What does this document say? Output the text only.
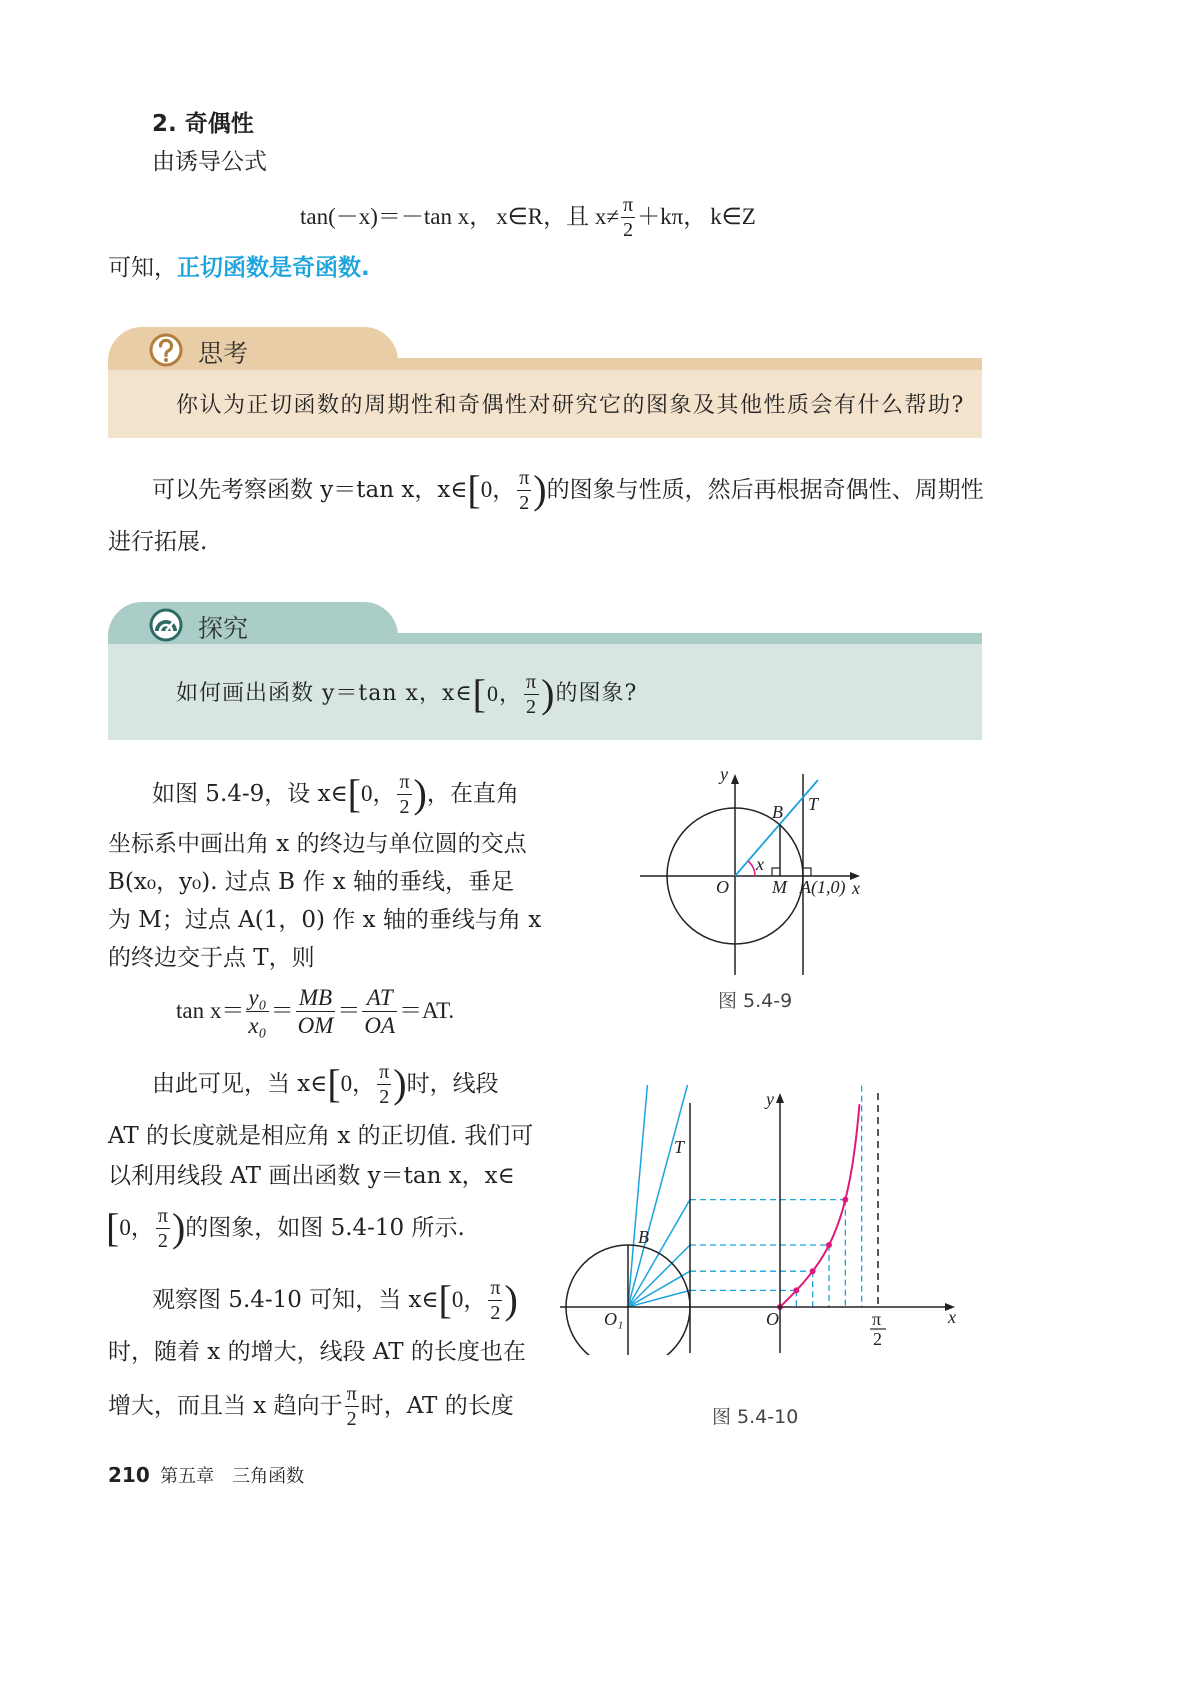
2. 奇偶性
由诱导公式
tan(－x)＝－tan x， x∈R， 且 $x\ne \frac{\pi}{2} +k\pi$， k∈Z
可知，正切函数是奇函数.
思考
你认为正切函数的周期性和奇偶性对研究它的图象及其他性质会有什么帮助?
可以先考察函数 y＝tan x，x∈ [ 0， $\frac{\pi}{2}$ ) 的图象与性质，然后再根据奇偶性、周期性
进行拓展.
探究
如何画出函数 y＝tan x，x∈ [ 0， $\frac{\pi}{2}$ ) 的图象?
如图 5.4-9，设 x∈ [ 0， $\frac{\pi}{2}$ ) ，在直角
坐标系中画出角 x 的终边与单位圆的交点
B(x₀，y₀). 过点 B 作 x 轴的垂线，垂足
为 M；过点 A(1，0) 作 x 轴的垂线与角 x
的终边交于点 T，则
$\tan x= \frac{\text{y₀}}{\text{x₀}} = \frac{MB}{OM} = \frac{AT}{OA} =AT$.
由此可见，当 x∈ [ 0， $\frac{\pi}{2}$ ) 时，线段
AT 的长度就是相应角 x 的正切值. 我们可
以利用线段 AT 画出函数 y＝tan x，x∈
[ 0， $\frac{\pi}{2}$ ) 的图象，如图 5.4-10 所示.
观察图 5.4-10 可知，当 x∈ [ 0， $\frac{\pi}{2}$ )
时，随着 x 的增大，线段 AT 的长度也在
增大，而且当 x 趋向于 $\frac{\pi}{2}$ 时，AT 的长度
y
x
O M A(1,0)
B T
x
图 5.4-9
y
x
O₁	O
B
T
π
2
图 5.4-10
210 第五章　三角函数
